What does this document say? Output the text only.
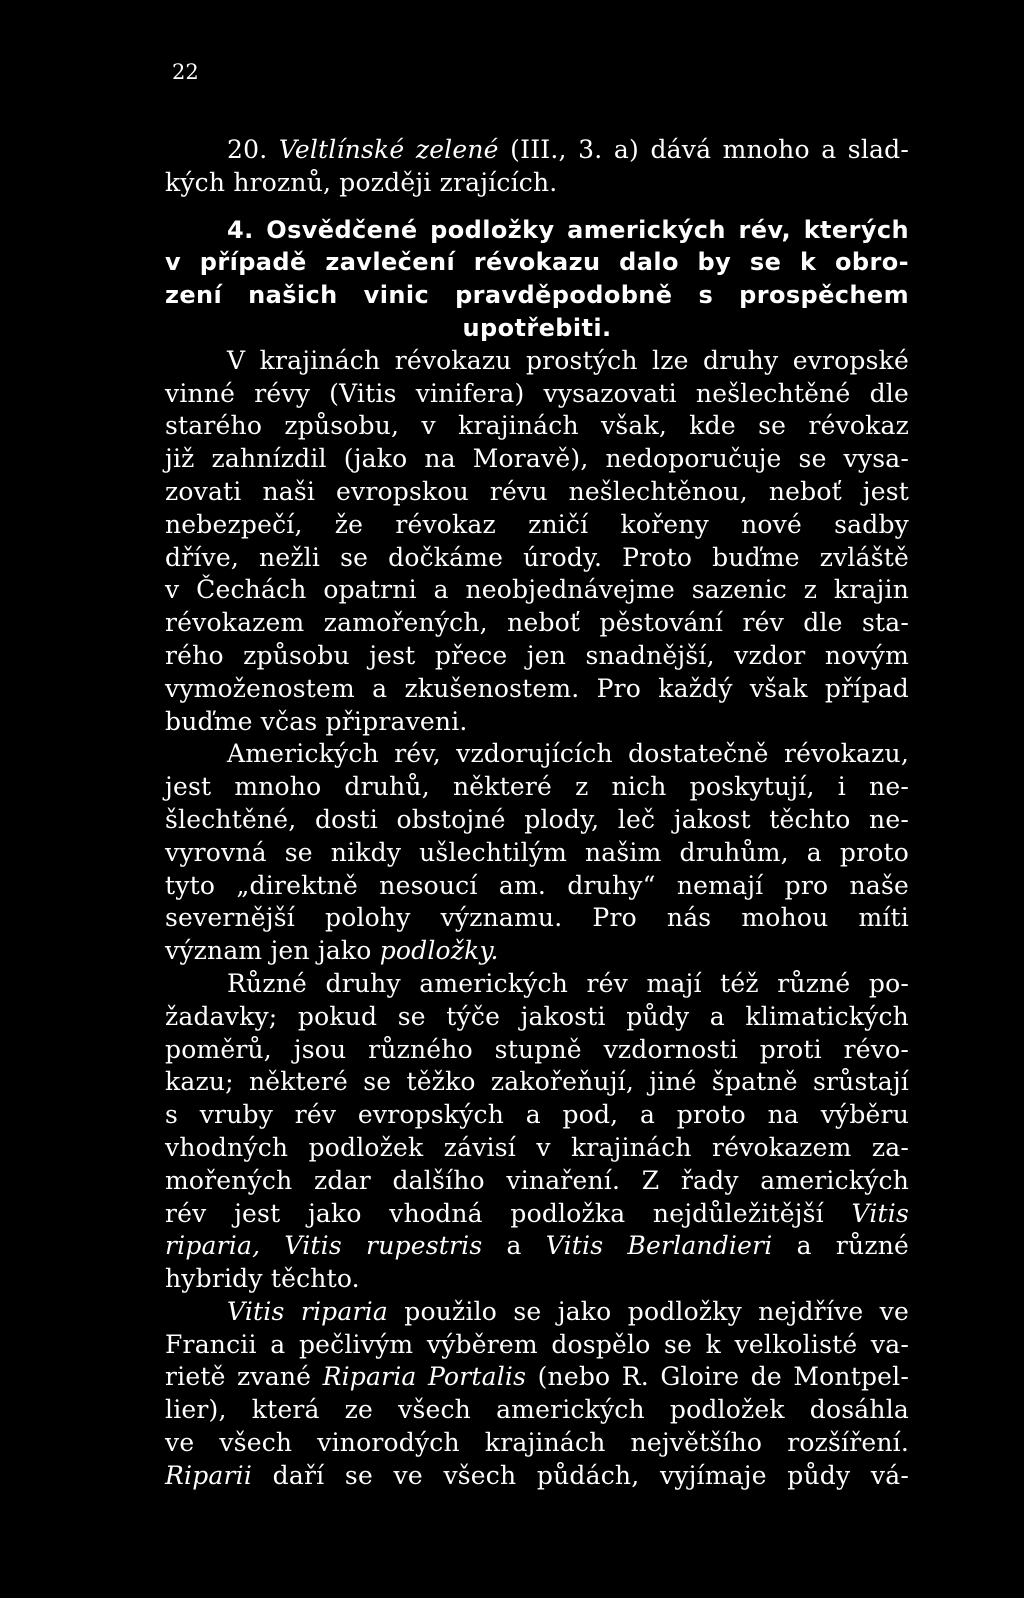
22
20. Veltlínské zelené (III., 3. a) dává mnoho a slad-
kých hroznů, později zrajících.
4. Osvědčené podložky amerických rév, kterých
v případě zavlečení révokazu dalo by se k obro-
zení našich vinic pravděpodobně s prospěchem
upotřebiti.
V krajinách révokazu prostých lze druhy evropské
vinné révy (Vitis vinifera) vysazovati nešlechtěné dle
starého způsobu, v krajinách však, kde se révokaz
již zahnízdil (jako na Moravě), nedoporučuje se vysa-
zovati naši evropskou révu nešlechtěnou, neboť jest
nebezpečí, že révokaz zničí kořeny nové sadby
dříve, nežli se dočkáme úrody. Proto buďme zvláště
v Čechách opatrni a neobjednávejme sazenic z krajin
révokazem zamořených, neboť pěstování rév dle sta-
rého způsobu jest přece jen snadnější, vzdor novým
vymoženostem a zkušenostem. Pro každý však případ
buďme včas připraveni.
Amerických rév, vzdorujících dostatečně révokazu,
jest mnoho druhů, některé z nich poskytují, i ne-
šlechtěné, dosti obstojné plody, leč jakost těchto ne-
vyrovná se nikdy ušlechtilým našim druhům, a proto
tyto „direktně nesoucí am. druhy“ nemají pro naše
severnější polohy významu. Pro nás mohou míti
význam jen jako podložky.
Různé druhy amerických rév mají též různé po-
žadavky; pokud se týče jakosti půdy a klimatických
poměrů, jsou různého stupně vzdornosti proti révo-
kazu; některé se těžko zakořeňují, jiné špatně srůstají
s vruby rév evropských a pod, a proto na výběru
vhodných podložek závisí v krajinách révokazem za-
mořených zdar dalšího vinaření. Z řady amerických
rév jest jako vhodná podložka nejdůležitější Vitis
riparia, Vitis rupestris a Vitis Berlandieri a různé
hybridy těchto.
Vitis riparia použilo se jako podložky nejdříve ve
Francii a pečlivým výběrem dospělo se k velkolisté va-
rietě zvané Riparia Portalis (nebo R. Gloire de Montpel-
lier), která ze všech amerických podložek dosáhla
ve všech vinorodých krajinách největšího rozšíření.
Riparii daří se ve všech půdách, vyjímaje půdy vá-
